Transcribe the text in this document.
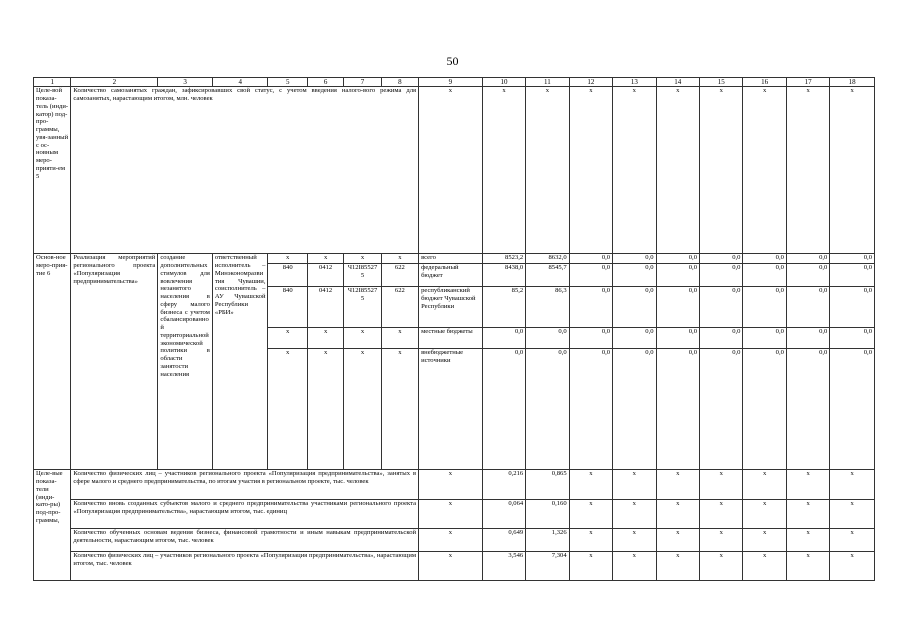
50
1	2	3	4	5	6	7	8	9	10	11	12	13	14	15	16	17	18
Целе-вой показа-тель (инди-катор) под-про-граммы, увя-занный с ос-новным меро-прияти-ем 5	Количество самозанятых граждан, зафиксировавших свой статус, с учетом введения налого-вого режима для самозанятых, нарастающим итогом, млн. человек							x	x	x	x	x	x	x	x	x	x
Основ-ное меро-прия-тие 6	Реализация мероприятий регионального проекта «Популяризация предпринимательства»	создание дополнительных стимулов для вовлечения незанятого населения в сферу малого бизнеса с учетом сбалансированной территориальной экономической политики в области занятости населения	ответственный исполнитель – Минэкономразвития Чувашии, соисполнитель – АУ Чувашской Республики «РБИ»	x	x	x	x	всего	8523,2	8632,0	0,0	0,0	0,0	0,0	0,0	0,0	0,0
				840	0412	Ч12I855275	622	федеральный бюджет	8438,0	8545,7	0,0	0,0	0,0	0,0	0,0	0,0	0,0
				840	0412	Ч12I855275	622	республиканский бюджет Чувашской Республики	85,2	86,3	0,0	0,0	0,0	0,0	0,0	0,0	0,0
				x	x	x	x	местные бюджеты	0,0	0,0	0,0	0,0	0,0	0,0	0,0	0,0	0,0
				x	x	x	x	внебюджетные источники	0,0	0,0	0,0	0,0	0,0	0,0	0,0	0,0	0,0
Целе-вые показа-тели (инди-като-ры) под-про-граммы,	Количество физических лиц – участников регионального проекта «Популяризация предпринимательства», занятых в сфере малого и среднего предпринимательства, по итогам участия в региональном проекте, тыс. человек							x	0,216	0,865	x	x	x	x	x	x	x
	Количество вновь созданных субъектов малого и среднего предпринимательства участниками регионального проекта «Популяризация предпринимательства», нарастающим итогом, тыс. единиц							x	0,064	0,160	x	x	x	x	x	x	x
	Количество обученных основам ведения бизнеса, финансовой грамотности и иным навыкам предпринимательской деятельности, нарастающим итогом, тыс. человек							x	0,649	1,326	x	x	x	x	x	x	x
	Количество физических лиц – участников регионального проекта «Популяризация предпринимательства», нарастающим итогом, тыс. человек							x	3,546	7,304	x	x	x	x	x	x	x
